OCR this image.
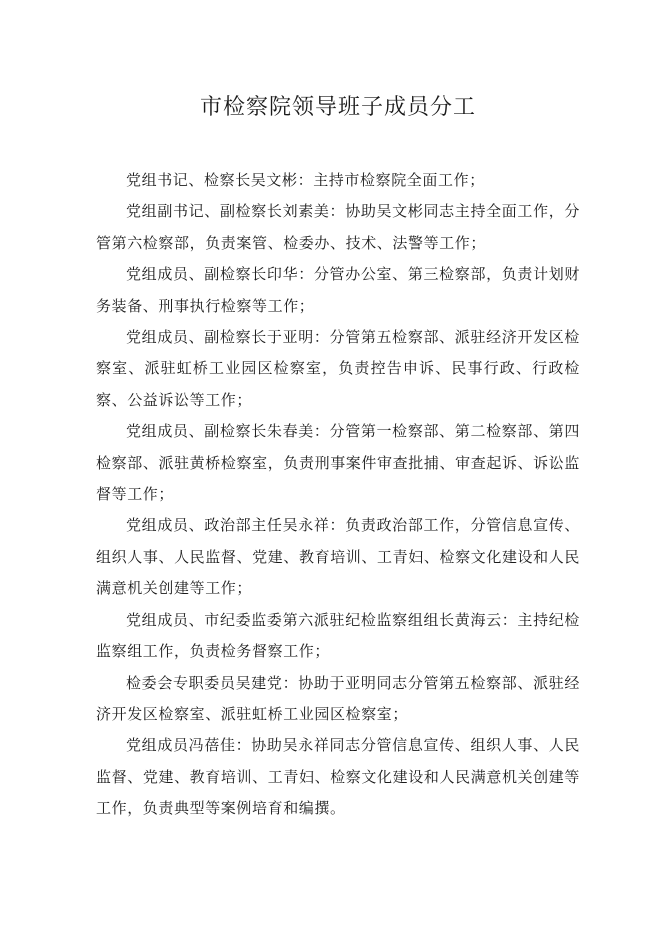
市检察院领导班子成员分工

党组书记、检察长吴文彬：主持市检察院全面工作；

党组副书记、副检察长刘素美：协助吴文彬同志主持全面工作，分管第六检察部，负责案管、检委办、技术、法警等工作；

党组成员、副检察长印华：分管办公室、第三检察部，负责计划财务装备、刑事执行检察等工作；

党组成员、副检察长于亚明：分管第五检察部、派驻经济开发区检察室、派驻虹桥工业园区检察室，负责控告申诉、民事行政、行政检察、公益诉讼等工作；

党组成员、副检察长朱春美：分管第一检察部、第二检察部、第四检察部、派驻黄桥检察室，负责刑事案件审查批捕、审查起诉、诉讼监督等工作；

党组成员、政治部主任吴永祥：负责政治部工作，分管信息宣传、组织人事、人民监督、党建、教育培训、工青妇、检察文化建设和人民满意机关创建等工作；

党组成员、市纪委监委第六派驻纪检监察组组长黄海云：主持纪检监察组工作，负责检务督察工作；

检委会专职委员吴建党：协助于亚明同志分管第五检察部、派驻经济开发区检察室、派驻虹桥工业园区检察室；

党组成员冯蓓佳：协助吴永祥同志分管信息宣传、组织人事、人民监督、党建、教育培训、工青妇、检察文化建设和人民满意机关创建等工作，负责典型等案例培育和编撰。
